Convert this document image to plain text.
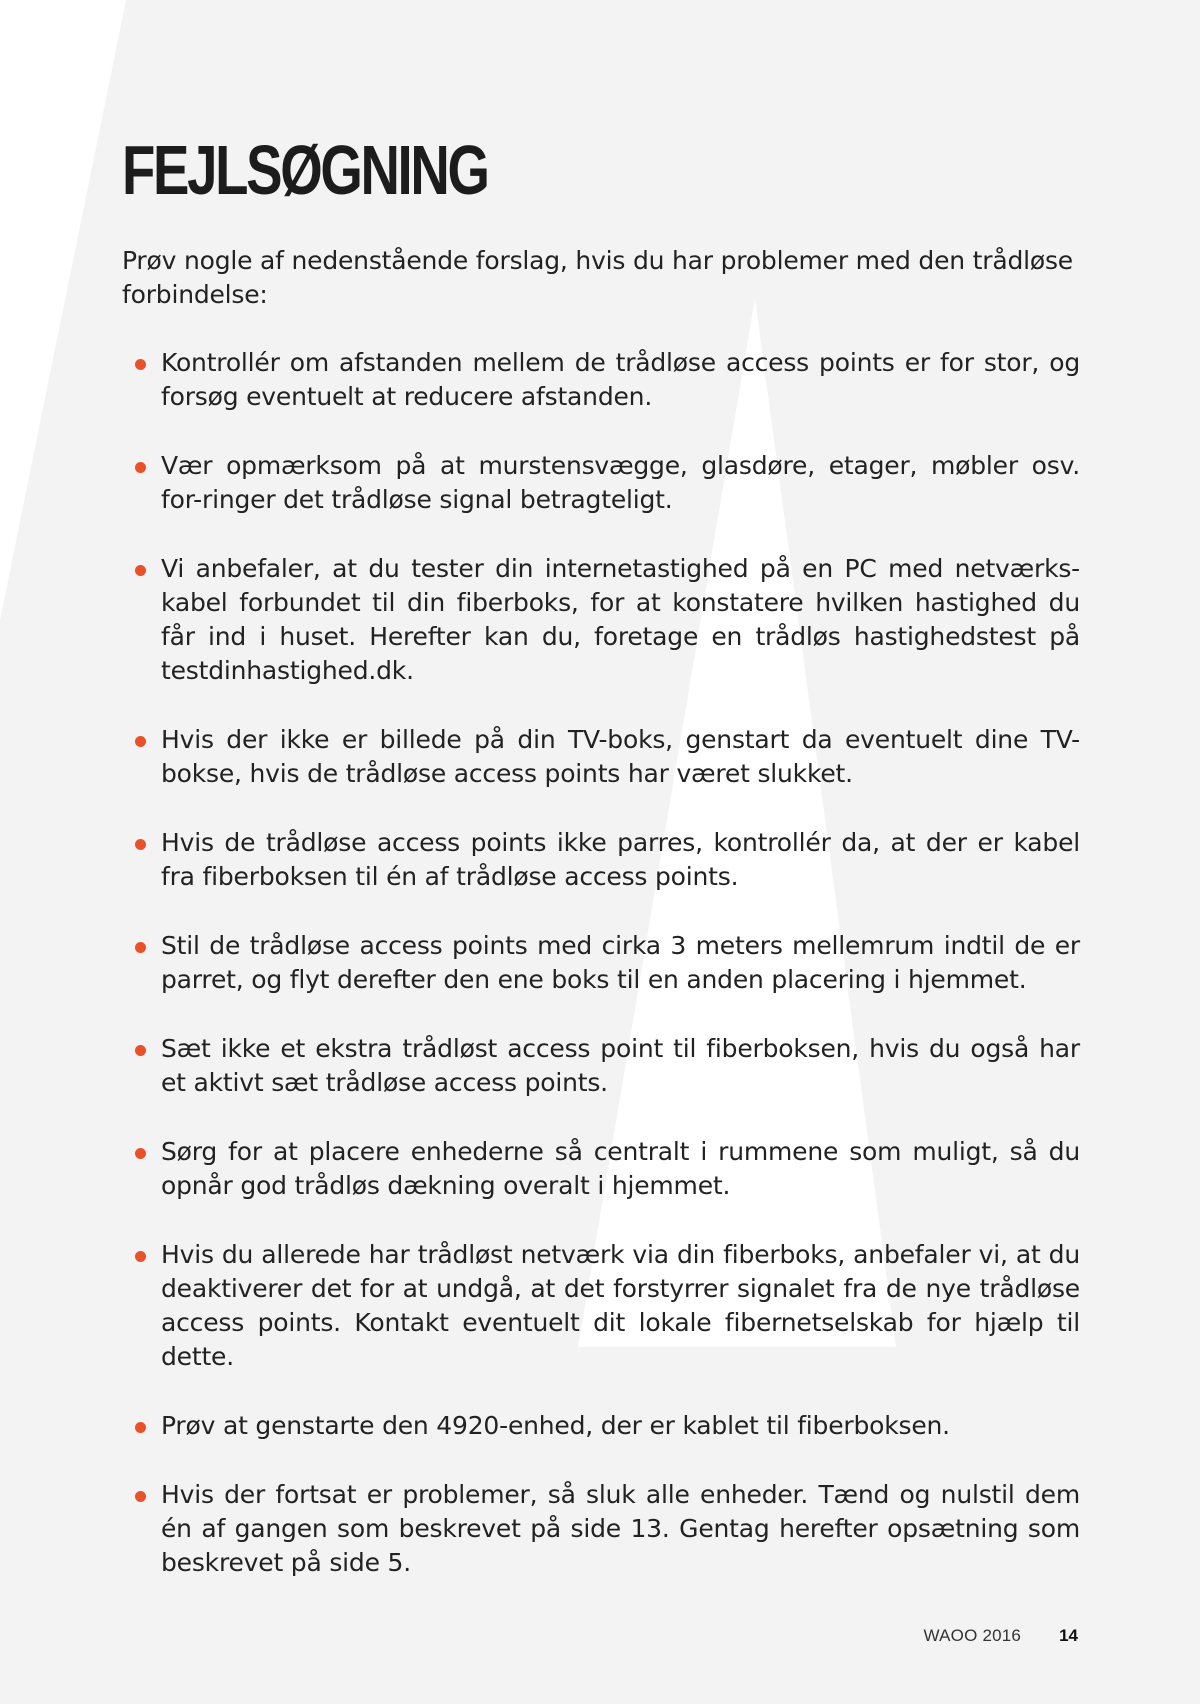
FEJLSØGNING

Prøv nogle af nedenstående forslag, hvis du har problemer med den trådløse forbindelse:

Kontrollér om afstanden mellem de trådløse access points er for stor, og forsøg eventuelt at reducere afstanden.
Vær opmærksom på at murstensvægge, glasdøre, etager, møbler osv. for-ringer det trådløse signal betragteligt.
Vi anbefaler, at du tester din internetastighed på en PC med netværks-kabel forbundet til din fiberboks, for at konstatere hvilken hastighed du får ind i huset. Herefter kan du, foretage en trådløs hastighedstest på testdinhastighed.dk.
Hvis der ikke er billede på din TV-boks, genstart da eventuelt dine TV-bokse, hvis de trådløse access points har været slukket.
Hvis de trådløse access points ikke parres, kontrollér da, at der er kabel fra fiberboksen til én af trådløse access points.
Stil de trådløse access points med cirka 3 meters mellemrum indtil de er parret, og flyt derefter den ene boks til en anden placering i hjemmet.
Sæt ikke et ekstra trådløst access point til fiberboksen, hvis du også har et aktivt sæt trådløse access points.
Sørg for at placere enhederne så centralt i rummene som muligt, så du opnår god trådløs dækning overalt i hjemmet.
Hvis du allerede har trådløst netværk via din fiberboks, anbefaler vi, at du deaktiverer det for at undgå, at det forstyrrer signalet fra de nye trådløse access points. Kontakt eventuelt dit lokale fibernetselskab for hjælp til dette.
Prøv at genstarte den 4920-enhed, der er kablet til fiberboksen.
Hvis der fortsat er problemer, så sluk alle enheder. Tænd og nulstil dem én af gangen som beskrevet på side 13. Gentag herefter opsætning som beskrevet på side 5.
WAOO 2016 14
